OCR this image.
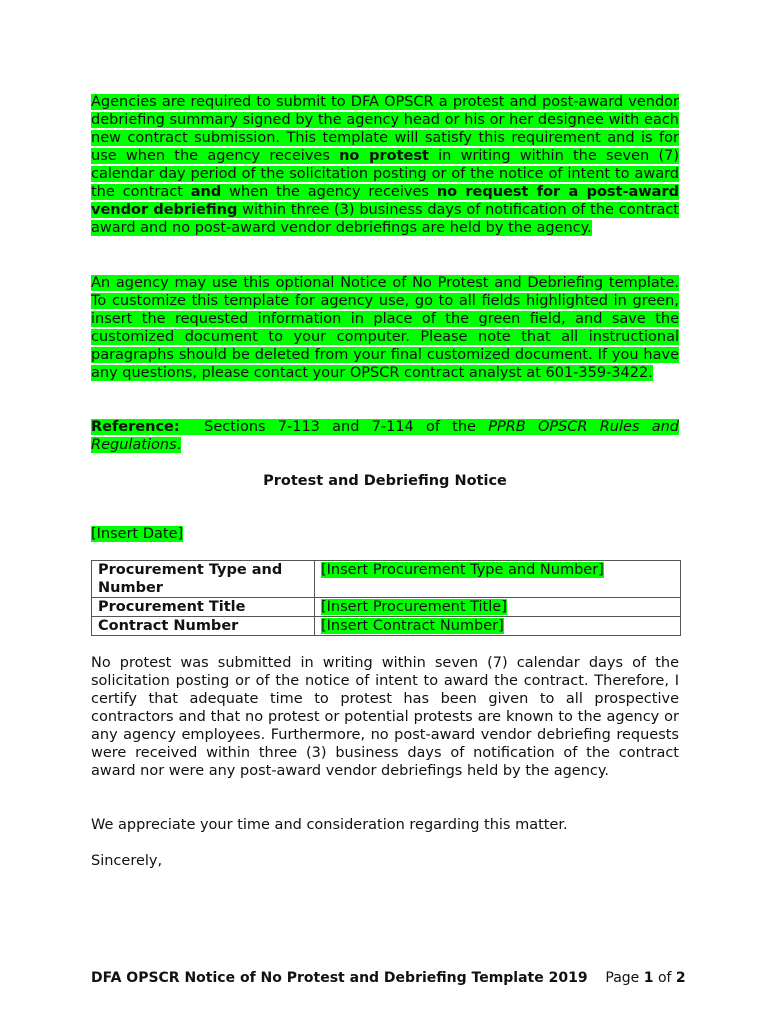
Agencies are required to submit to DFA OPSCR a protest and post-award vendor debriefing summary signed by the agency head or his or her designee with each new contract submission. This template will satisfy this requirement and is for use when the agency receives no protest in writing within the seven (7) calendar day period of the solicitation posting or of the notice of intent to award the contract and when the agency receives no request for a post-award vendor debriefing within three (3) business days of notification of the contract award and no post-award vendor debriefings are held by the agency.

An agency may use this optional Notice of No Protest and Debriefing template. To customize this template for agency use, go to all fields highlighted in green, insert the requested information in place of the green field, and save the customized document to your computer. Please note that all instructional paragraphs should be deleted from your final customized document. If you have any questions, please contact your OPSCR contract analyst at 601-359-3422.

Reference:  Sections 7-113 and 7-114 of the PPRB OPSCR Rules and Regulations.

Protest and Debriefing Notice

[Insert Date]

Procurement Type and Number	[Insert Procurement Type and Number]
Procurement Title	[Insert Procurement Title]
Contract Number	[Insert Contract Number]

No protest was submitted in writing within seven (7) calendar days of the solicitation posting or of the notice of intent to award the contract. Therefore, I certify that adequate time to protest has been given to all prospective contractors and that no protest or potential protests are known to the agency or any agency employees. Furthermore, no post-award vendor debriefing requests were received within three (3) business days of notification of the contract award nor were any post-award vendor debriefings held by the agency.

We appreciate your time and consideration regarding this matter.

Sincerely,

DFA OPSCR Notice of No Protest and Debriefing Template 2019 Page 1 of 2
